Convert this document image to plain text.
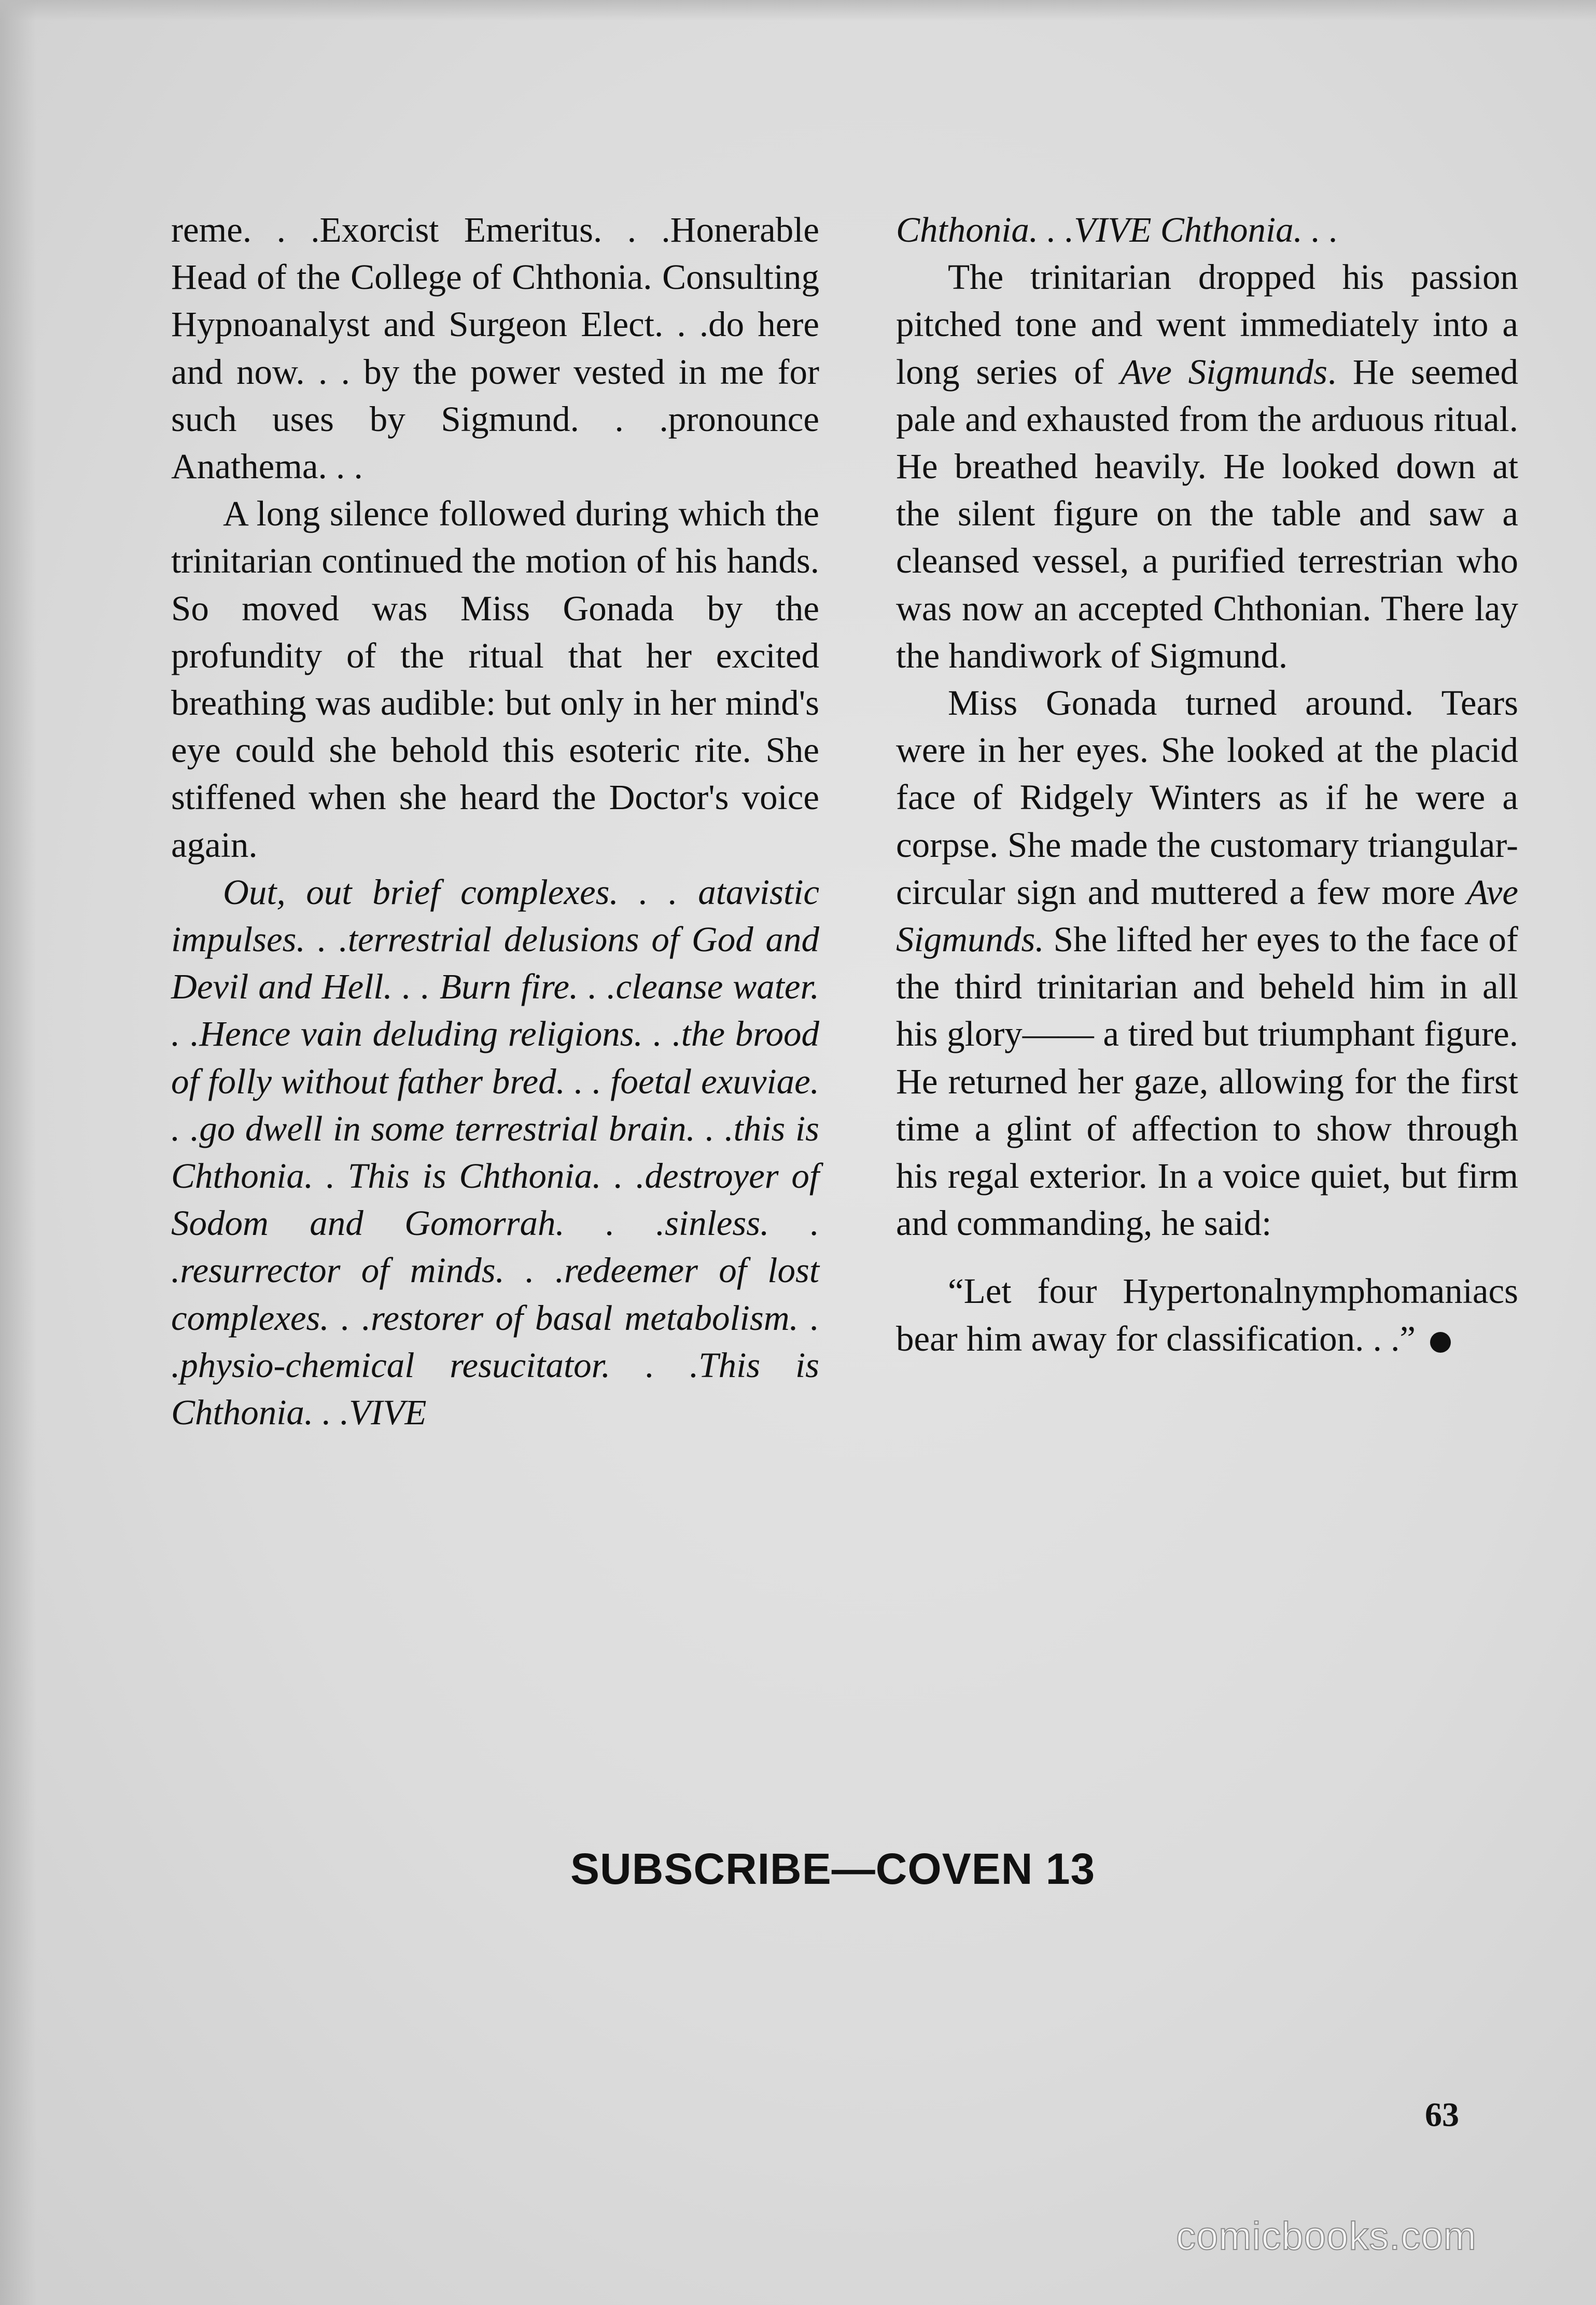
reme. . .Exorcist Emeritus. . .Honerable Head of the College of Chthonia. Consulting Hypnoanalyst and Surgeon Elect. . .do here and now. . . by the power vested in me for such uses by Sigmund. . .pronounce Anathema. . .

A long silence followed during which the trinitarian continued the motion of his hands. So moved was Miss Gonada by the profundity of the ritual that her excited breathing was audible: but only in her mind's eye could she behold this esoteric rite. She stiffened when she heard the Doctor's voice again.

Out, out brief complexes. . . atavistic impulses. . .terrestrial delusions of God and Devil and Hell. . . Burn fire. . .cleanse water. . .Hence vain deluding religions. . .the brood of folly without father bred. . . foetal exuviae. . .go dwell in some terrestrial brain. . .this is Chthonia. . This is Chthonia. . .destroyer of Sodom and Gomorrah. . .sinless. . .resurrector of minds. . .redeemer of lost complexes. . .restorer of basal metabolism. . .physio-chemical resucitator. . .This is Chthonia. . .VIVE

Chthonia. . .VIVE Chthonia. . .

The trinitarian dropped his passion pitched tone and went immediately into a long series of Ave Sigmunds. He seemed pale and exhausted from the arduous ritual. He breathed heavily. He looked down at the silent figure on the table and saw a cleansed vessel, a purified terrestrian who was now an accepted Chthonian. There lay the handiwork of Sigmund.

Miss Gonada turned around. Tears were in her eyes. She looked at the placid face of Ridgely Winters as if he were a corpse. She made the customary triangular-circular sign and muttered a few more Ave Sigmunds. She lifted her eyes to the face of the third trinitarian and beheld him in all his glory—— a tired but triumphant figure. He returned her gaze, allowing for the first time a glint of affection to show through his regal exterior. In a voice quiet, but firm and commanding, he said:

“Let four Hypertonalnymphomaniacs bear him away for classification. . .”

SUBSCRIBE—COVEN 13
63
comicbooks.com
